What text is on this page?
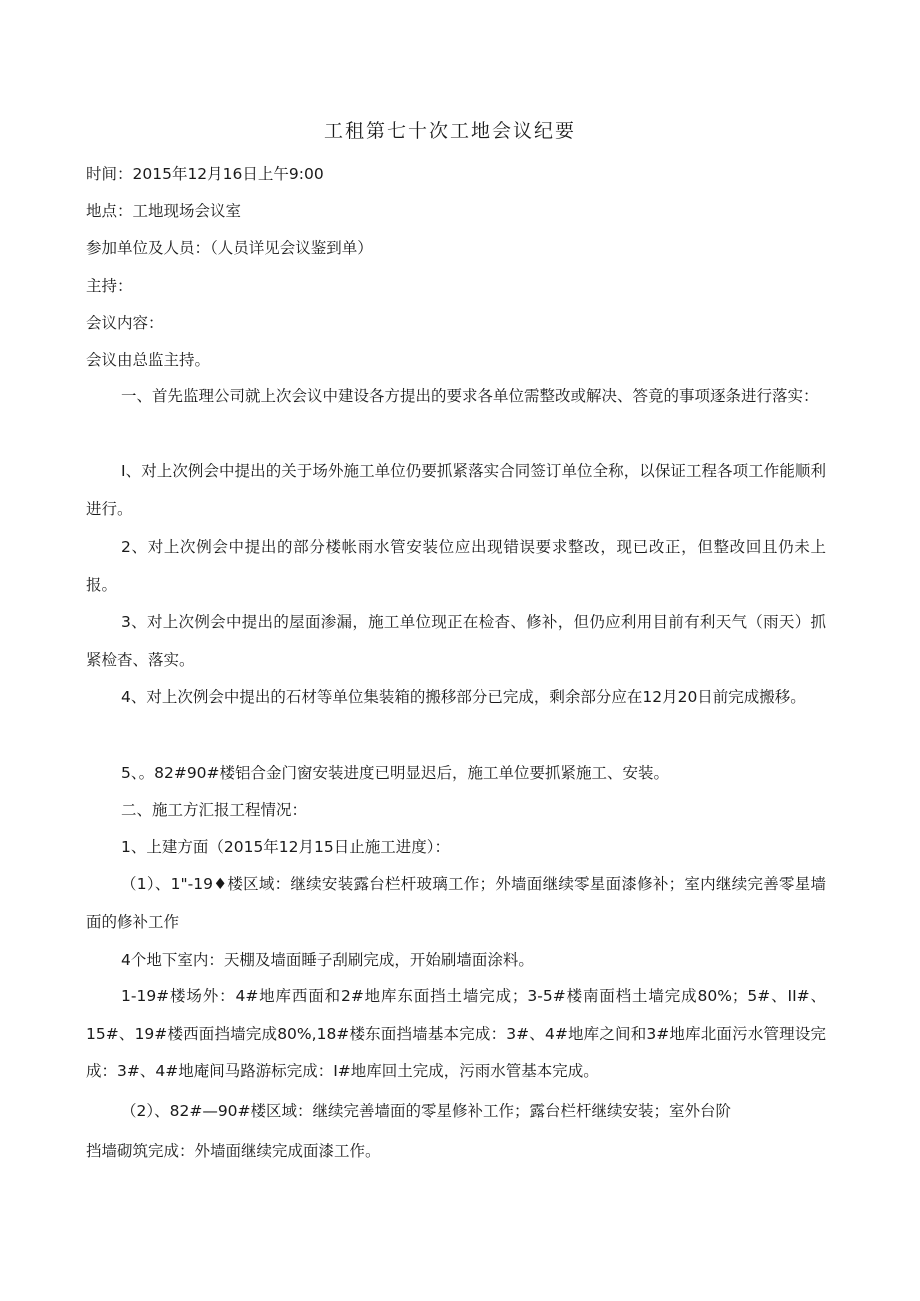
工租第七十次工地会议纪要

时间：2015年12月16日上午9:00

地点：工地现场会议室

参加单位及人员：（人员详见会议鉴到单）

主持：

会议内容：

会议由总监主持。

一、首先监理公司就上次会议中建设各方提出的要求各单位需整改或解决、答竟的事项逐条进行落实：

I、对上次例会中提出的关于场外施工单位仍要抓紧落实合同签订单位全称，以保证工程各项工作能顺利进行。

2、对上次例会中提出的部分楼帐雨水管安装位应出现错误要求整改，现已改正，但整改回且仍未上报。

3、对上次例会中提出的屋面渗漏，施工单位现正在检杳、修补，但仍应利用目前有利天气（雨天）抓紧检杳、落实。

4、对上次例会中提出的石材等单位集装箱的搬移部分已完成，剩余部分应在12月20日前完成搬移。

5、。82#90#楼铝合金门窗安装进度已明显迟后，施工单位要抓紧施工、安装。

二、施工方汇报工程情况：

1、上建方面（2015年12月15日止施工进度）：

（1）、1"-19♦楼区域：继续安装露台栏杆玻璃工作；外墙面继续零星面漆修补；室内继续完善零星墙面的修补工作

4个地下室内：天棚及墙面睡子刮刷完成，开始刷墙面涂料。

1-19#楼场外：4#地库西面和2#地库东面挡土墙完成；3-5#楼南面档土墙完成80%；5#、II#、15#、19#楼西面挡墙完成80%,18#楼东面挡墙基本完成：3#、4#地库之间和3#地库北面污水管理设完成：3#、4#地庵间马路游标完成：I#地库回土完成，污雨水管基本完成。

（2）、82#—90#楼区域：继续完善墙面的零星修补工作；露台栏杆继续安装；室外台阶

挡墙砌筑完成：外墙面继续完成面漆工作。
